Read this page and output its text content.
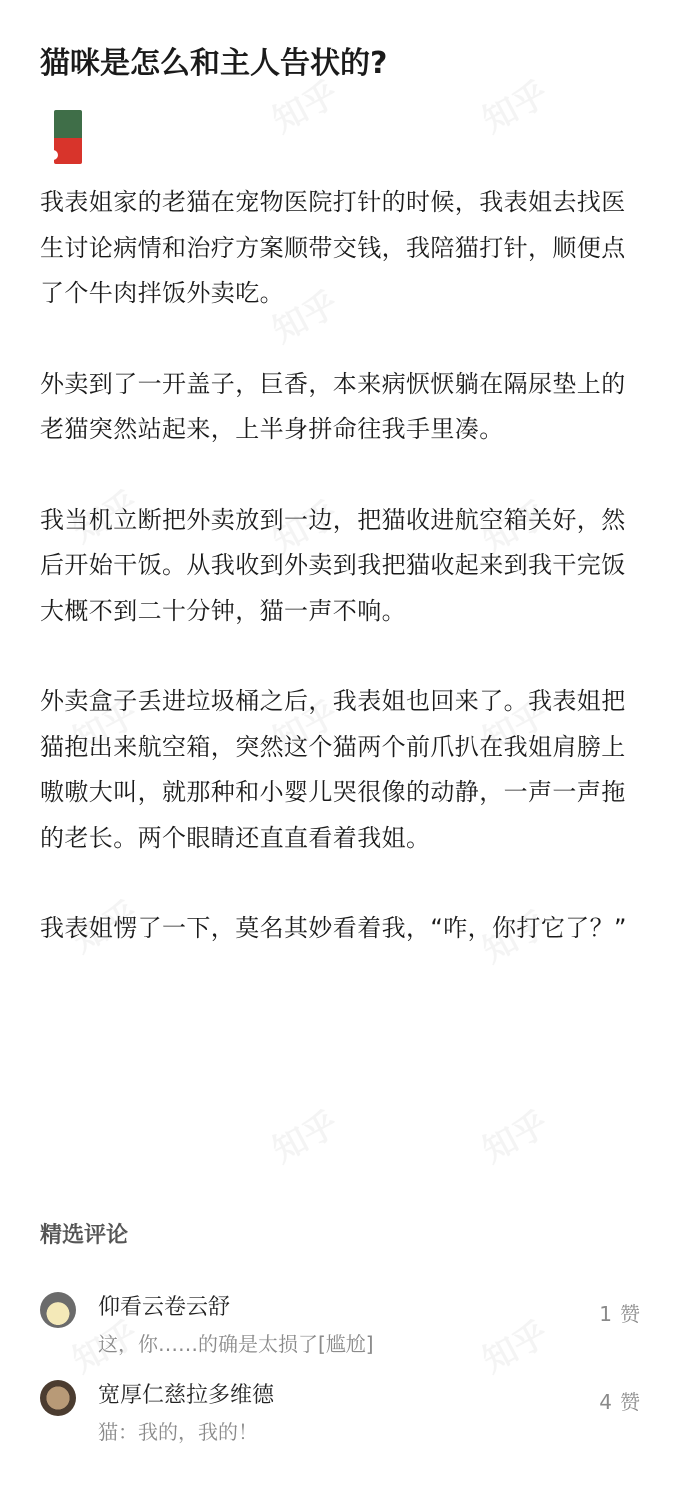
猫咪是怎么和主人告状的?

我表姐家的老猫在宠物医院打针的时候，我表姐去找医生讨论病情和治疗方案顺带交钱，我陪猫打针，顺便点了个牛肉拌饭外卖吃。

外卖到了一开盖子，巨香，本来病恹恹躺在隔尿垫上的老猫突然站起来，上半身拼命往我手里凑。

我当机立断把外卖放到一边，把猫收进航空箱关好，然后开始干饭。从我收到外卖到我把猫收起来到我干完饭大概不到二十分钟，猫一声不响。

外卖盒子丢进垃圾桶之后，我表姐也回来了。我表姐把猫抱出来航空箱，突然这个猫两个前爪扒在我姐肩膀上嗷嗷大叫，就那种和小婴儿哭很像的动静，一声一声拖的老长。两个眼睛还直直看着我姐。

我表姐愣了一下，莫名其妙看着我，“咋，你打它了？”

精选评论
仰看云卷云舒
这，你……的确是太损了[尴尬]
1 赞
宽厚仁慈拉多维德
猫：我的，我的！
4 赞
